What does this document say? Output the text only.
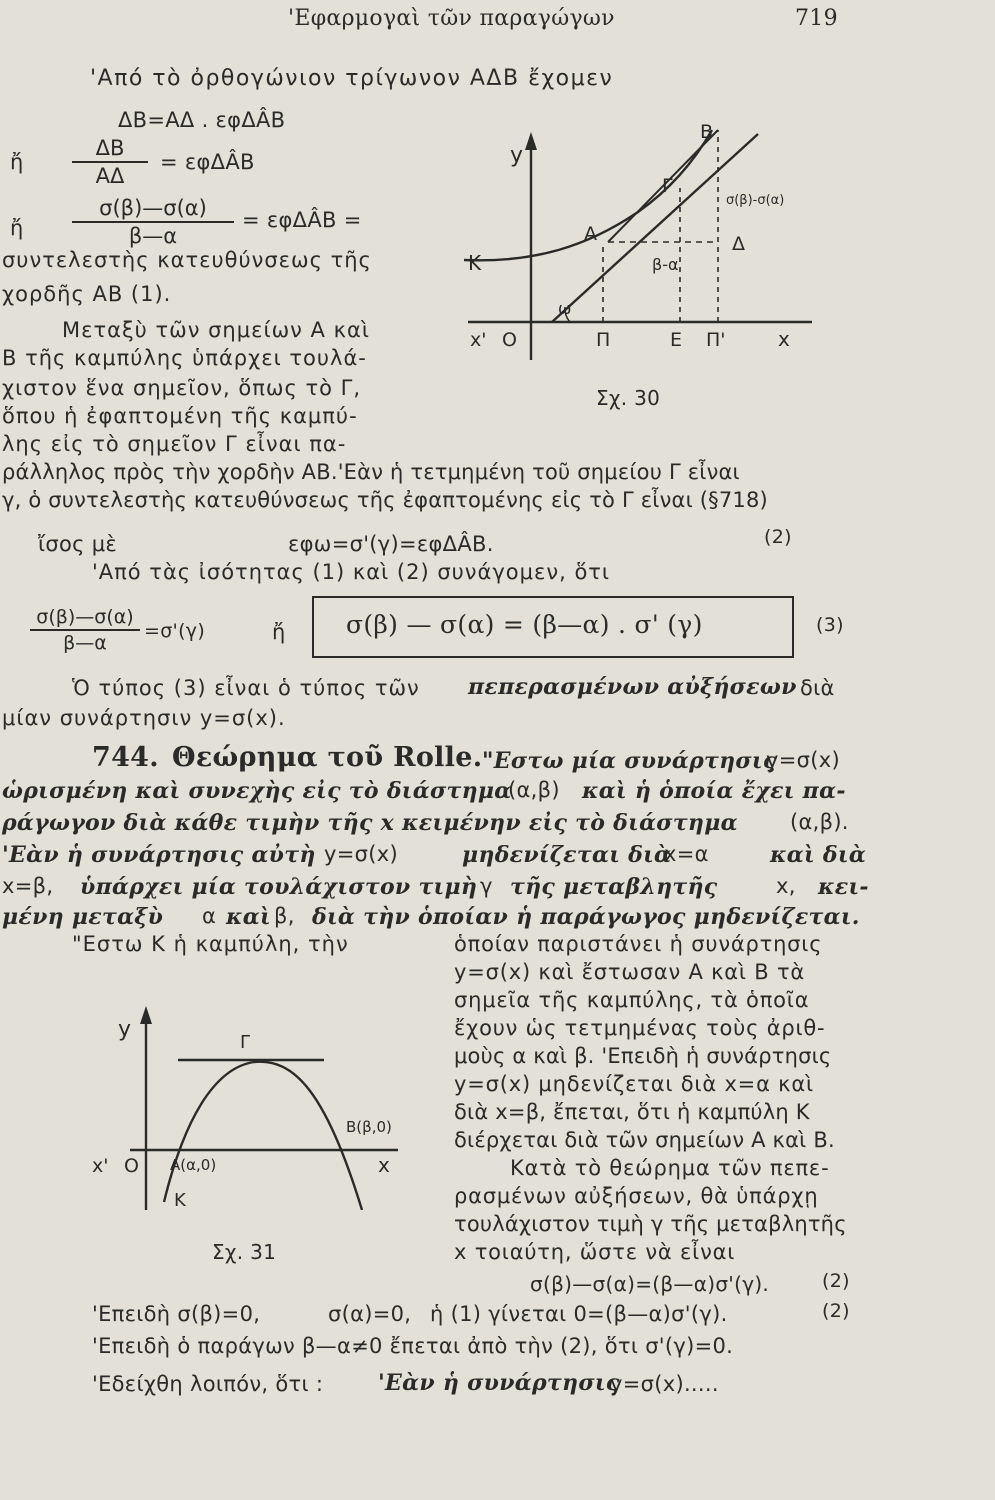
'Εφαρμογαὶ τῶν παραγώγων	719
'Από τὸ ὀρθογώνιον τρίγωνον ΑΔΒ ἔχομεν
ΔΒ=ΑΔ . εφΔÂΒ
ἤ $\frac{\Delta B}{A\Delta}$ = εφΔÂΒ
ἤ $\frac{\sigma(\beta)—\sigma(\alpha)}{\beta—\alpha}$ = εφΔÂΒ =
συντελεστὴς κατευθύνσεως τῆς
χορδῆς ΑΒ (1).
Μεταξὺ τῶν σημείων Α καὶ
Β τῆς καμπύλης ὑπάρχει τουλά-
χιστον ἕνα σημεῖον, ὅπως τὸ Γ,
ὅπου ἡ ἐφαπτομένη τῆς καμπύ-
λης εἰς τὸ σημεῖον Γ εἶναι πα-
ράλληλος πρὸς τὴν χορδὴν ΑΒ.'Εὰν ἡ τετμημένη τοῦ σημείου Γ εἶναι
γ, ὁ συντελεστὴς κατευθύνσεως τῆς ἐφαπτομένης εἰς τὸ Γ εἶναι (§718)
ἴσος μὲ	εφω=σ'(γ)=εφΔÂΒ.	(2)
'Από τὰς ἰσότητας (1) καὶ (2) συνάγομεν, ὅτι
$\frac{\sigma(\beta)—\sigma(\alpha)}{\beta—\alpha} =\sigma'(\gamma)$	ἤ σ(β) — σ(α) = (β—α) . σ' (γ)	(3)
Ὁ τύπος (3) εἶναι ὁ τύπος τῶν πεπερασμένων αὐξήσεων διὰ
μίαν συνάρτησιν y=σ(x).
y
K
A
B
Γ
Δ
β-α
σ(β)-σ(α)
ω
x' O	Π	Ε Π'	x
Σχ. 30
744. Θεώρημα τοῦ Rolle. "Εστω μία συνάρτησις
y=σ(x)
ὡρισμένη καὶ συνεχὴς εἰς τὸ διάστημα
(α,β) καὶ ἡ ὁποία ἔχει πα-
ράγωγον διὰ κάθε τιμὴν τῆς x κειμένην εἰς τὸ διάστημα (α,β).
'Εὰν ἡ συνάρτησις αὐτὴ y=σ(x)	μηδενίζεται διὰ
x=α	καὶ διὰ
x=β, ὑπάρχει μία τουλάχιστον τιμὴ γ τῆς μεταβλητῆς	x, κει-
μένη μεταξὺ α καὶ β, διὰ τὴν ὁποίαν ἡ παράγωγος μηδενίζεται.
"Εστω Κ ἡ καμπύλη, τὴν	ὁποίαν παριστάνει ἡ συνάρτησις
y=σ(x) καὶ ἔστωσαν Α καὶ Β τὰ
σημεῖα τῆς καμπύλης, τὰ ὁποῖα
ἔχουν ὡς τετμημένας τοὺς ἀριθ-
μοὺς α καὶ β. 'Επειδὴ ἡ συνάρτησις
y=σ(x) μηδενίζεται διὰ x=α καὶ
διὰ x=β, ἔπεται, ὅτι ἡ καμπύλη Κ
διέρχεται διὰ τῶν σημείων Α καὶ Β.
Κατὰ τὸ θεώρημα τῶν πεπε-
ρασμένων αὐξήσεων, θὰ ὑπάρχῃ
τουλάχιστον τιμὴ γ τῆς μεταβλητῆς
x τοιαύτη, ὥστε νὰ εἶναι
σ(β)—σ(α)=(β—α)σ'(γ).	(2)
y
Γ
B(β,0)
x' O A(α,0)
K
x
Σχ. 31
'Επειδὴ σ(β)=0,	σ(α)=0, ἡ (1) γίνεται 0=(β—α)σ'(γ).	(2)
'Επειδὴ ὁ παράγων β—α≠0 ἔπεται ἀπὸ τὴν (2), ὅτι σ'(γ)=0.
'Εδείχθη λοιπόν, ὅτι : 'Εὰν ἡ συνάρτησις
y=σ(x).....
